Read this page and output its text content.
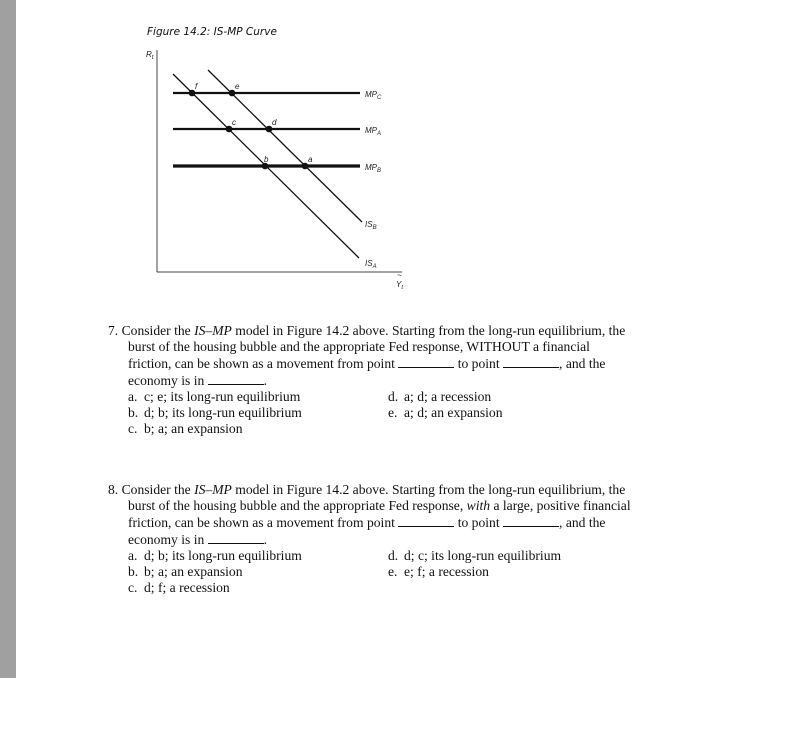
Figure 14.2: IS-MP Curve
$R_t$
$Y_t$
~
$MP_C$
$MP_A$
$MP_B$
$IS_B$
$IS_A$
f	e
c	d
b	a
7. Consider the IS–MP model in Figure 14.2 above. Starting from the long-run equilibrium, the
burst of the housing bubble and the appropriate Fed response, WITHOUT a financial
friction, can be shown as a movement from point	to point	, and the
economy is in	.
a. c; e; its long-run equilibrium	d. a; d; a recession
b. d; b; its long-run equilibrium	e. a; d; an expansion
c. b; a; an expansion
8. Consider the IS–MP model in Figure 14.2 above. Starting from the long-run equilibrium, the
burst of the housing bubble and the appropriate Fed response, with a large, positive financial
friction, can be shown as a movement from point	to point	, and the
economy is in	.
a. d; b; its long-run equilibrium	d. d; c; its long-run equilibrium
b. b; a; an expansion	e. e; f; a recession
c. d; f; a recession
